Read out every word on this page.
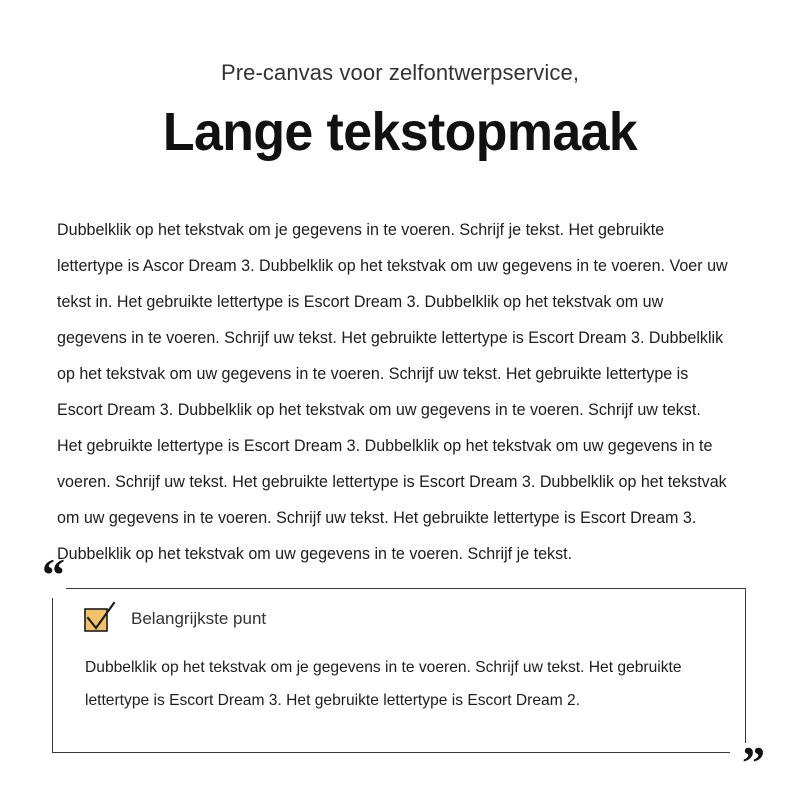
Pre-canvas voor zelfontwerpservice,
Lange tekstopmaak
Dubbelklik op het tekstvak om je gegevens in te voeren. Schrijf je tekst. Het gebruikte lettertype is Ascor Dream 3. Dubbelklik op het tekstvak om uw gegevens in te voeren. Voer uw tekst in. Het gebruikte lettertype is Escort Dream 3. Dubbelklik op het tekstvak om uw gegevens in te voeren. Schrijf uw tekst. Het gebruikte lettertype is Escort Dream 3. Dubbelklik op het tekstvak om uw gegevens in te voeren. Schrijf uw tekst. Het gebruikte lettertype is Escort Dream 3. Dubbelklik op het tekstvak om uw gegevens in te voeren. Schrijf uw tekst. Het gebruikte lettertype is Escort Dream 3. Dubbelklik op het tekstvak om uw gegevens in te voeren. Schrijf uw tekst. Het gebruikte lettertype is Escort Dream 3. Dubbelklik op het tekstvak om uw gegevens in te voeren. Schrijf uw tekst. Het gebruikte lettertype is Escort Dream 3. Dubbelklik op het tekstvak om uw gegevens in te voeren. Schrijf je tekst.
“
”
Belangrijkste punt
Dubbelklik op het tekstvak om je gegevens in te voeren. Schrijf uw tekst. Het gebruikte lettertype is Escort Dream 3. Het gebruikte lettertype is Escort Dream 2.
